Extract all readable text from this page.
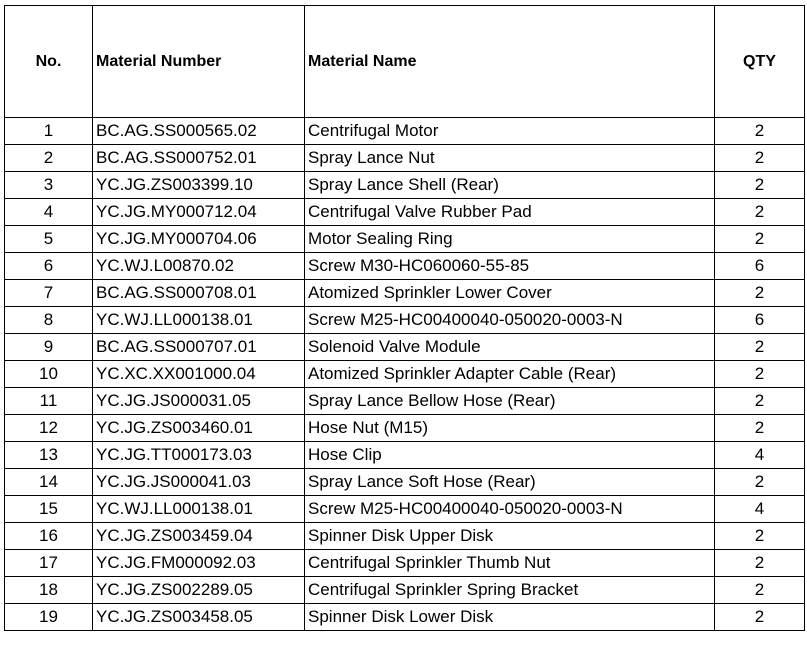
No.	Material Number	Material Name	QTY
1	BC.AG.SS000565.02	Centrifugal Motor	2
2	BC.AG.SS000752.01	Spray Lance Nut	2
3	YC.JG.ZS003399.10	Spray Lance Shell (Rear)	2
4	YC.JG.MY000712.04	Centrifugal Valve Rubber Pad	2
5	YC.JG.MY000704.06	Motor Sealing Ring	2
6	YC.WJ.L00870.02	Screw M30-HC060060-55-85	6
7	BC.AG.SS000708.01	Atomized Sprinkler Lower Cover	2
8	YC.WJ.LL000138.01	Screw M25-HC00400040-050020-0003-N	6
9	BC.AG.SS000707.01	Solenoid Valve Module	2
10	YC.XC.XX001000.04	Atomized Sprinkler Adapter Cable (Rear)	2
11	YC.JG.JS000031.05	Spray Lance Bellow Hose (Rear)	2
12	YC.JG.ZS003460.01	Hose Nut (M15)	2
13	YC.JG.TT000173.03	Hose Clip	4
14	YC.JG.JS000041.03	Spray Lance Soft Hose (Rear)	2
15	YC.WJ.LL000138.01	Screw M25-HC00400040-050020-0003-N	4
16	YC.JG.ZS003459.04	Spinner Disk Upper Disk	2
17	YC.JG.FM000092.03	Centrifugal Sprinkler Thumb Nut	2
18	YC.JG.ZS002289.05	Centrifugal Sprinkler Spring Bracket	2
19	YC.JG.ZS003458.05	Spinner Disk Lower Disk	2
